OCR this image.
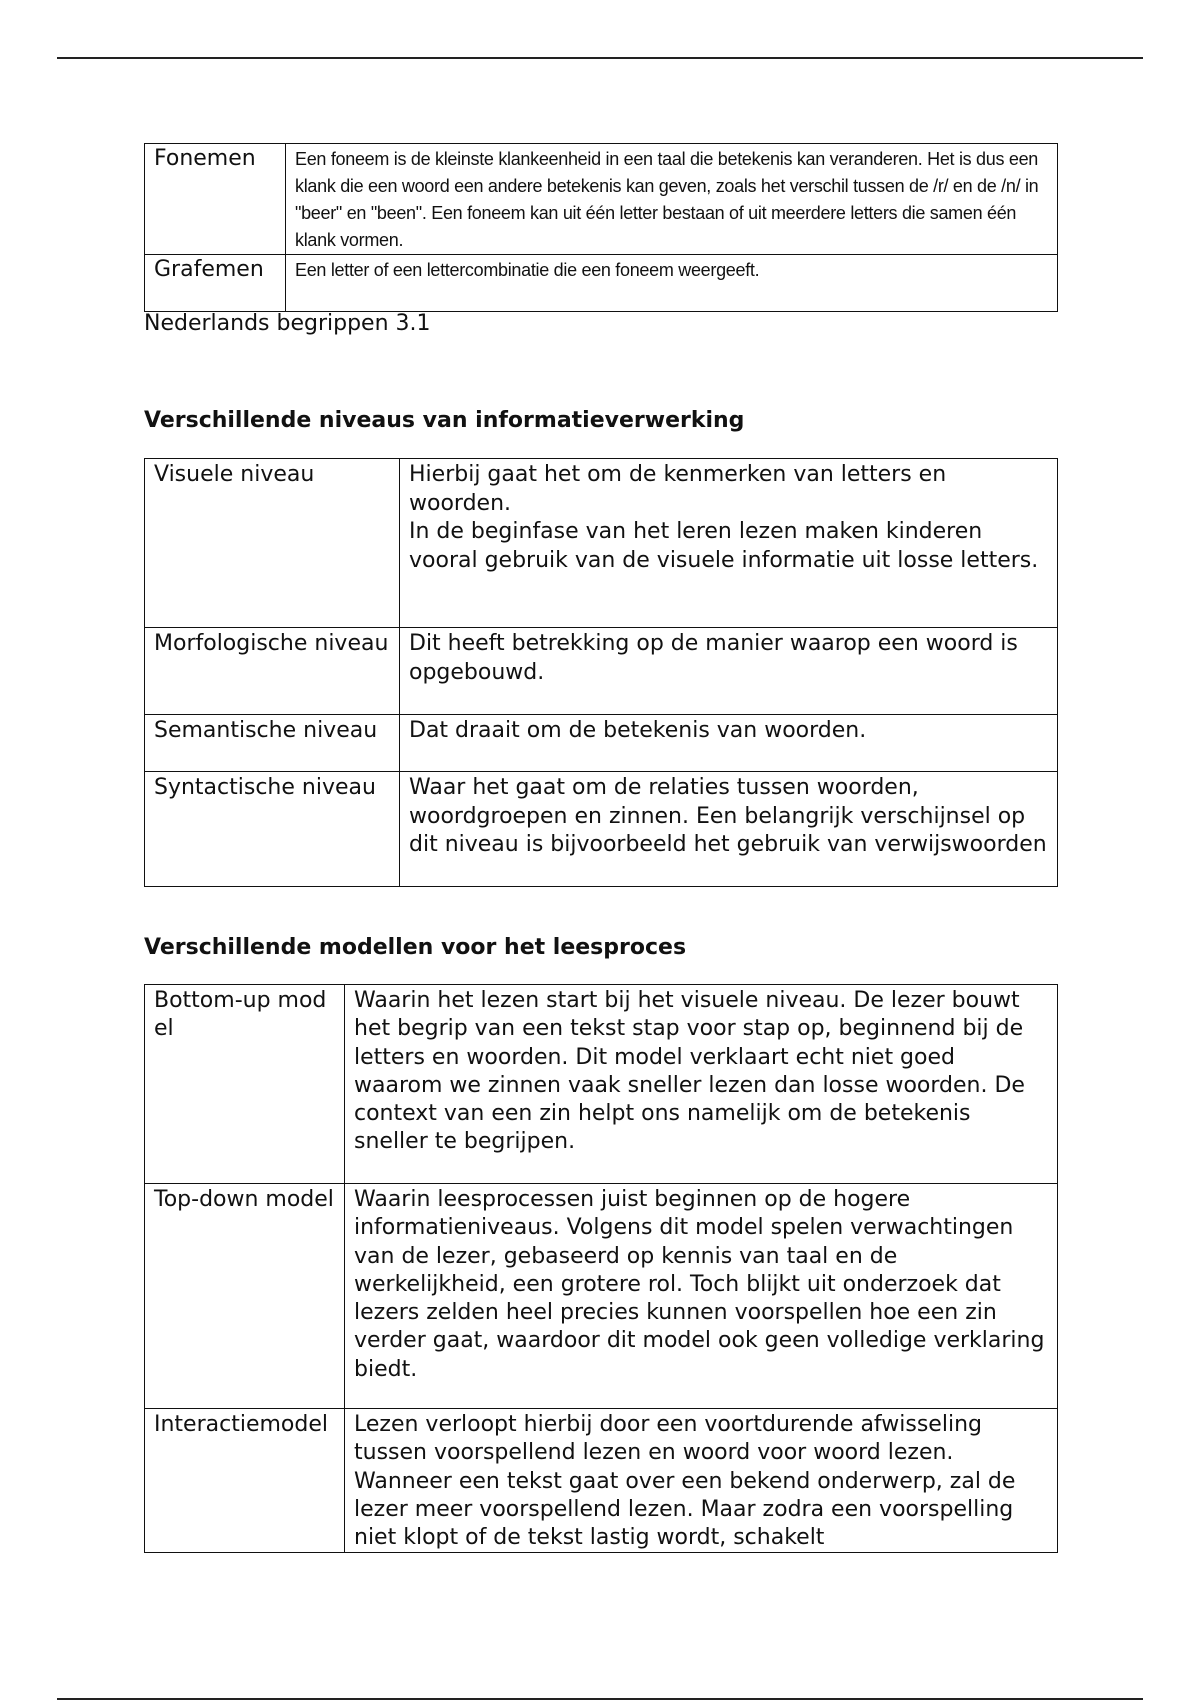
Fonemen	Een foneem is de kleinste klankeenheid in een taal die betekenis kan veranderen. Het is dus een klank die een woord een andere betekenis kan geven, zoals het verschil tussen de /r/ en de /n/ in "beer" en "been". Een foneem kan uit één letter bestaan of uit meerdere letters die samen één klank vormen.
Grafemen	Een letter of een lettercombinatie die een foneem weergeeft.

Nederlands begrippen 3.1

Verschillende niveaus van informatieverwerking
Visuele niveau	Hierbij gaat het om de kenmerken van letters en woorden.
In de beginfase van het leren lezen maken kinderen vooral gebruik van de visuele informatie uit losse letters.

Morfologische niveau	Dit heeft betrekking op de manier waarop een woord is opgebouwd.

Semantische niveau	Dat draait om de betekenis van woorden.

Syntactische niveau	Waar het gaat om de relaties tussen woorden, woordgroepen en zinnen. Een belangrijk verschijnsel op dit niveau is bijvoorbeeld het gebruik van verwijswoorden
Verschillende modellen voor het leesproces
Bottom-up model	Waarin het lezen start bij het visuele niveau. De lezer bouwt het begrip van een tekst stap voor stap op, beginnend bij de letters en woorden. Dit model verklaart echt niet goed waarom we zinnen vaak sneller lezen dan losse woorden. De context van een zin helpt ons namelijk om de betekenis sneller te begrijpen.
Top-down model	Waarin leesprocessen juist beginnen op de hogere informatieniveaus. Volgens dit model spelen verwachtingen van de lezer, gebaseerd op kennis van taal en de werkelijkheid, een grotere rol. Toch blijkt uit onderzoek dat lezers zelden heel precies kunnen voorspellen hoe een zin verder gaat, waardoor dit model ook geen volledige verklaring biedt.
Interactiemodel	Lezen verloopt hierbij door een voortdurende afwisseling tussen voorspellend lezen en woord voor woord lezen. Wanneer een tekst gaat over een bekend onderwerp, zal de lezer meer voorspellend lezen. Maar zodra een voorspelling niet klopt of de tekst lastig wordt, schakelt
